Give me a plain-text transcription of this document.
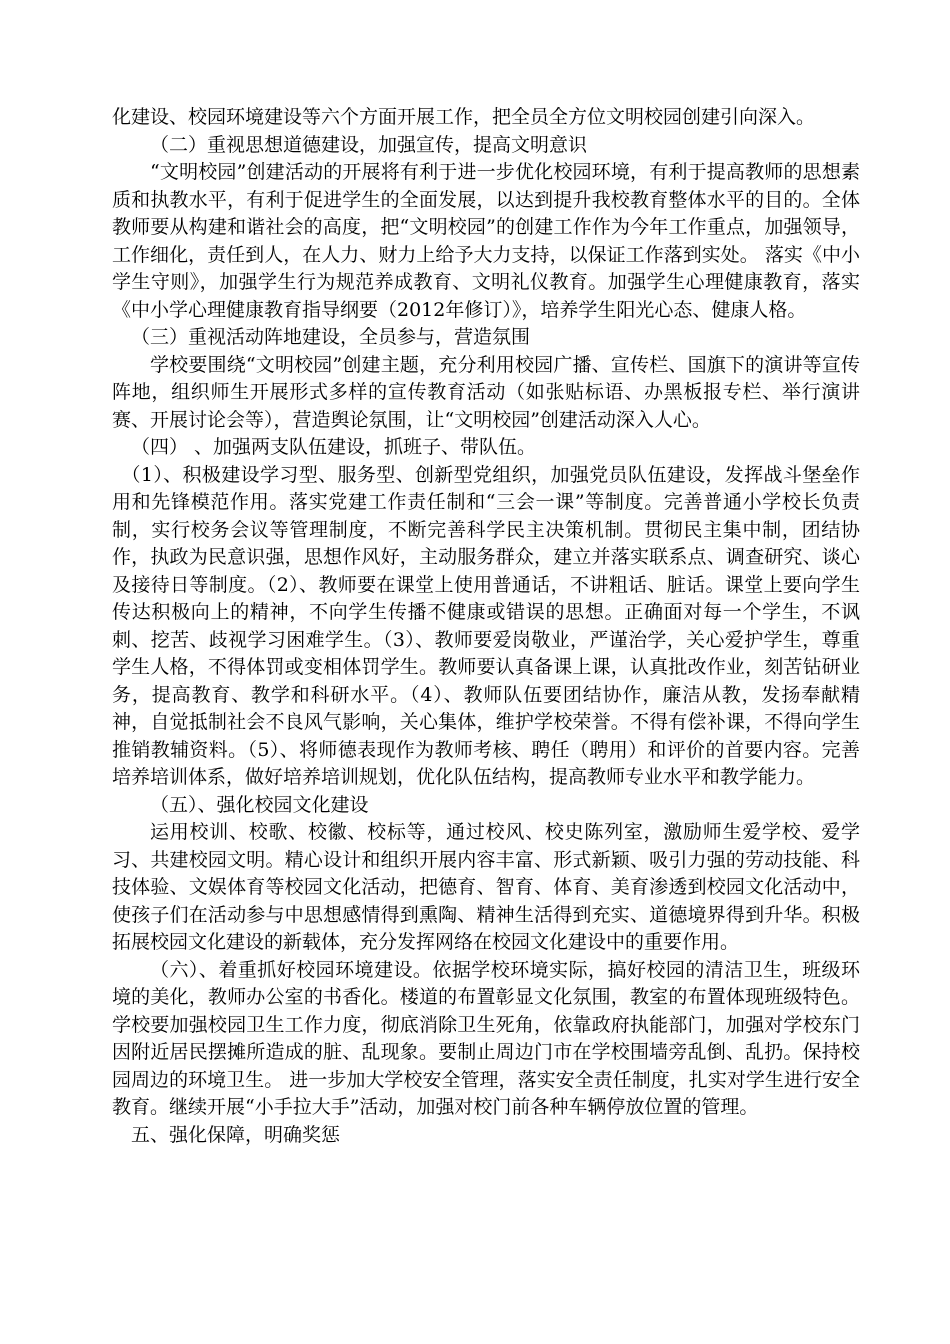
化建设、校园环境建设等六个方面开展工作，把全员全方位文明校园创建引向深入。

（二）重视思想道德建设，加强宣传，提高文明意识

“文明校园”创建活动的开展将有利于进一步优化校园环境，有利于提高教师的思想素质和执教水平，有利于促进学生的全面发展，以达到提升我校教育整体水平的目的。全体教师要从构建和谐社会的高度，把“文明校园”的创建工作作为今年工作重点，加强领导，工作细化，责任到人，在人力、财力上给予大力支持，以保证工作落到实处。 落实《中小学生守则》，加强学生行为规范养成教育、文明礼仪教育。加强学生心理健康教育，落实《中小学心理健康教育指导纲要（2012年修订）》，培养学生阳光心态、健康人格。

（三）重视活动阵地建设，全员参与，营造氛围

学校要围绕“文明校园”创建主题，充分利用校园广播、宣传栏、国旗下的演讲等宣传阵地，组织师生开展形式多样的宣传教育活动（如张贴标语、办黑板报专栏、举行演讲赛、开展讨论会等），营造舆论氛围，让“文明校园”创建活动深入人心。

（四） 、加强两支队伍建设，抓班子、带队伍。

（1）、积极建设学习型、服务型、创新型党组织，加强党员队伍建设，发挥战斗堡垒作用和先锋模范作用。落实党建工作责任制和“三会一课”等制度。完善普通小学校长负责制，实行校务会议等管理制度，不断完善科学民主决策机制。贯彻民主集中制，团结协作，执政为民意识强，思想作风好，主动服务群众，建立并落实联系点、调查研究、谈心及接待日等制度。（2）、教师要在课堂上使用普通话，不讲粗话、脏话。课堂上要向学生传达积极向上的精神，不向学生传播不健康或错误的思想。正确面对每一个学生，不讽刺、挖苦、歧视学习困难学生。（3）、教师要爱岗敬业，严谨治学，关心爱护学生，尊重学生人格，不得体罚或变相体罚学生。教师要认真备课上课，认真批改作业，刻苦钻研业务，提高教育、教学和科研水平。（4）、教师队伍要团结协作，廉洁从教，发扬奉献精神，自觉抵制社会不良风气影响，关心集体，维护学校荣誉。不得有偿补课，不得向学生推销教辅资料。（5）、将师德表现作为教师考核、聘任（聘用）和评价的首要内容。完善培养培训体系，做好培养培训规划，优化队伍结构，提高教师专业水平和教学能力。

（五）、强化校园文化建设

运用校训、校歌、校徽、校标等，通过校风、校史陈列室，激励师生爱学校、爱学习、共建校园文明。精心设计和组织开展内容丰富、形式新颖、吸引力强的劳动技能、科技体验、文娱体育等校园文化活动，把德育、智育、体育、美育渗透到校园文化活动中，使孩子们在活动参与中思想感情得到熏陶、精神生活得到充实、道德境界得到升华。积极拓展校园文化建设的新载体，充分发挥网络在校园文化建设中的重要作用。

（六）、着重抓好校园环境建设。依据学校环境实际，搞好校园的清洁卫生，班级环境的美化，教师办公室的书香化。楼道的布置彰显文化氛围，教室的布置体现班级特色。学校要加强校园卫生工作力度，彻底消除卫生死角，依靠政府执能部门，加强对学校东门因附近居民摆摊所造成的脏、乱现象。要制止周边门市在学校围墙旁乱倒、乱扔。保持校园周边的环境卫生。 进一步加大学校安全管理，落实安全责任制度，扎实对学生进行安全教育。继续开展“小手拉大手”活动，加强对校门前各种车辆停放位置的管理。

五、强化保障，明确奖惩
